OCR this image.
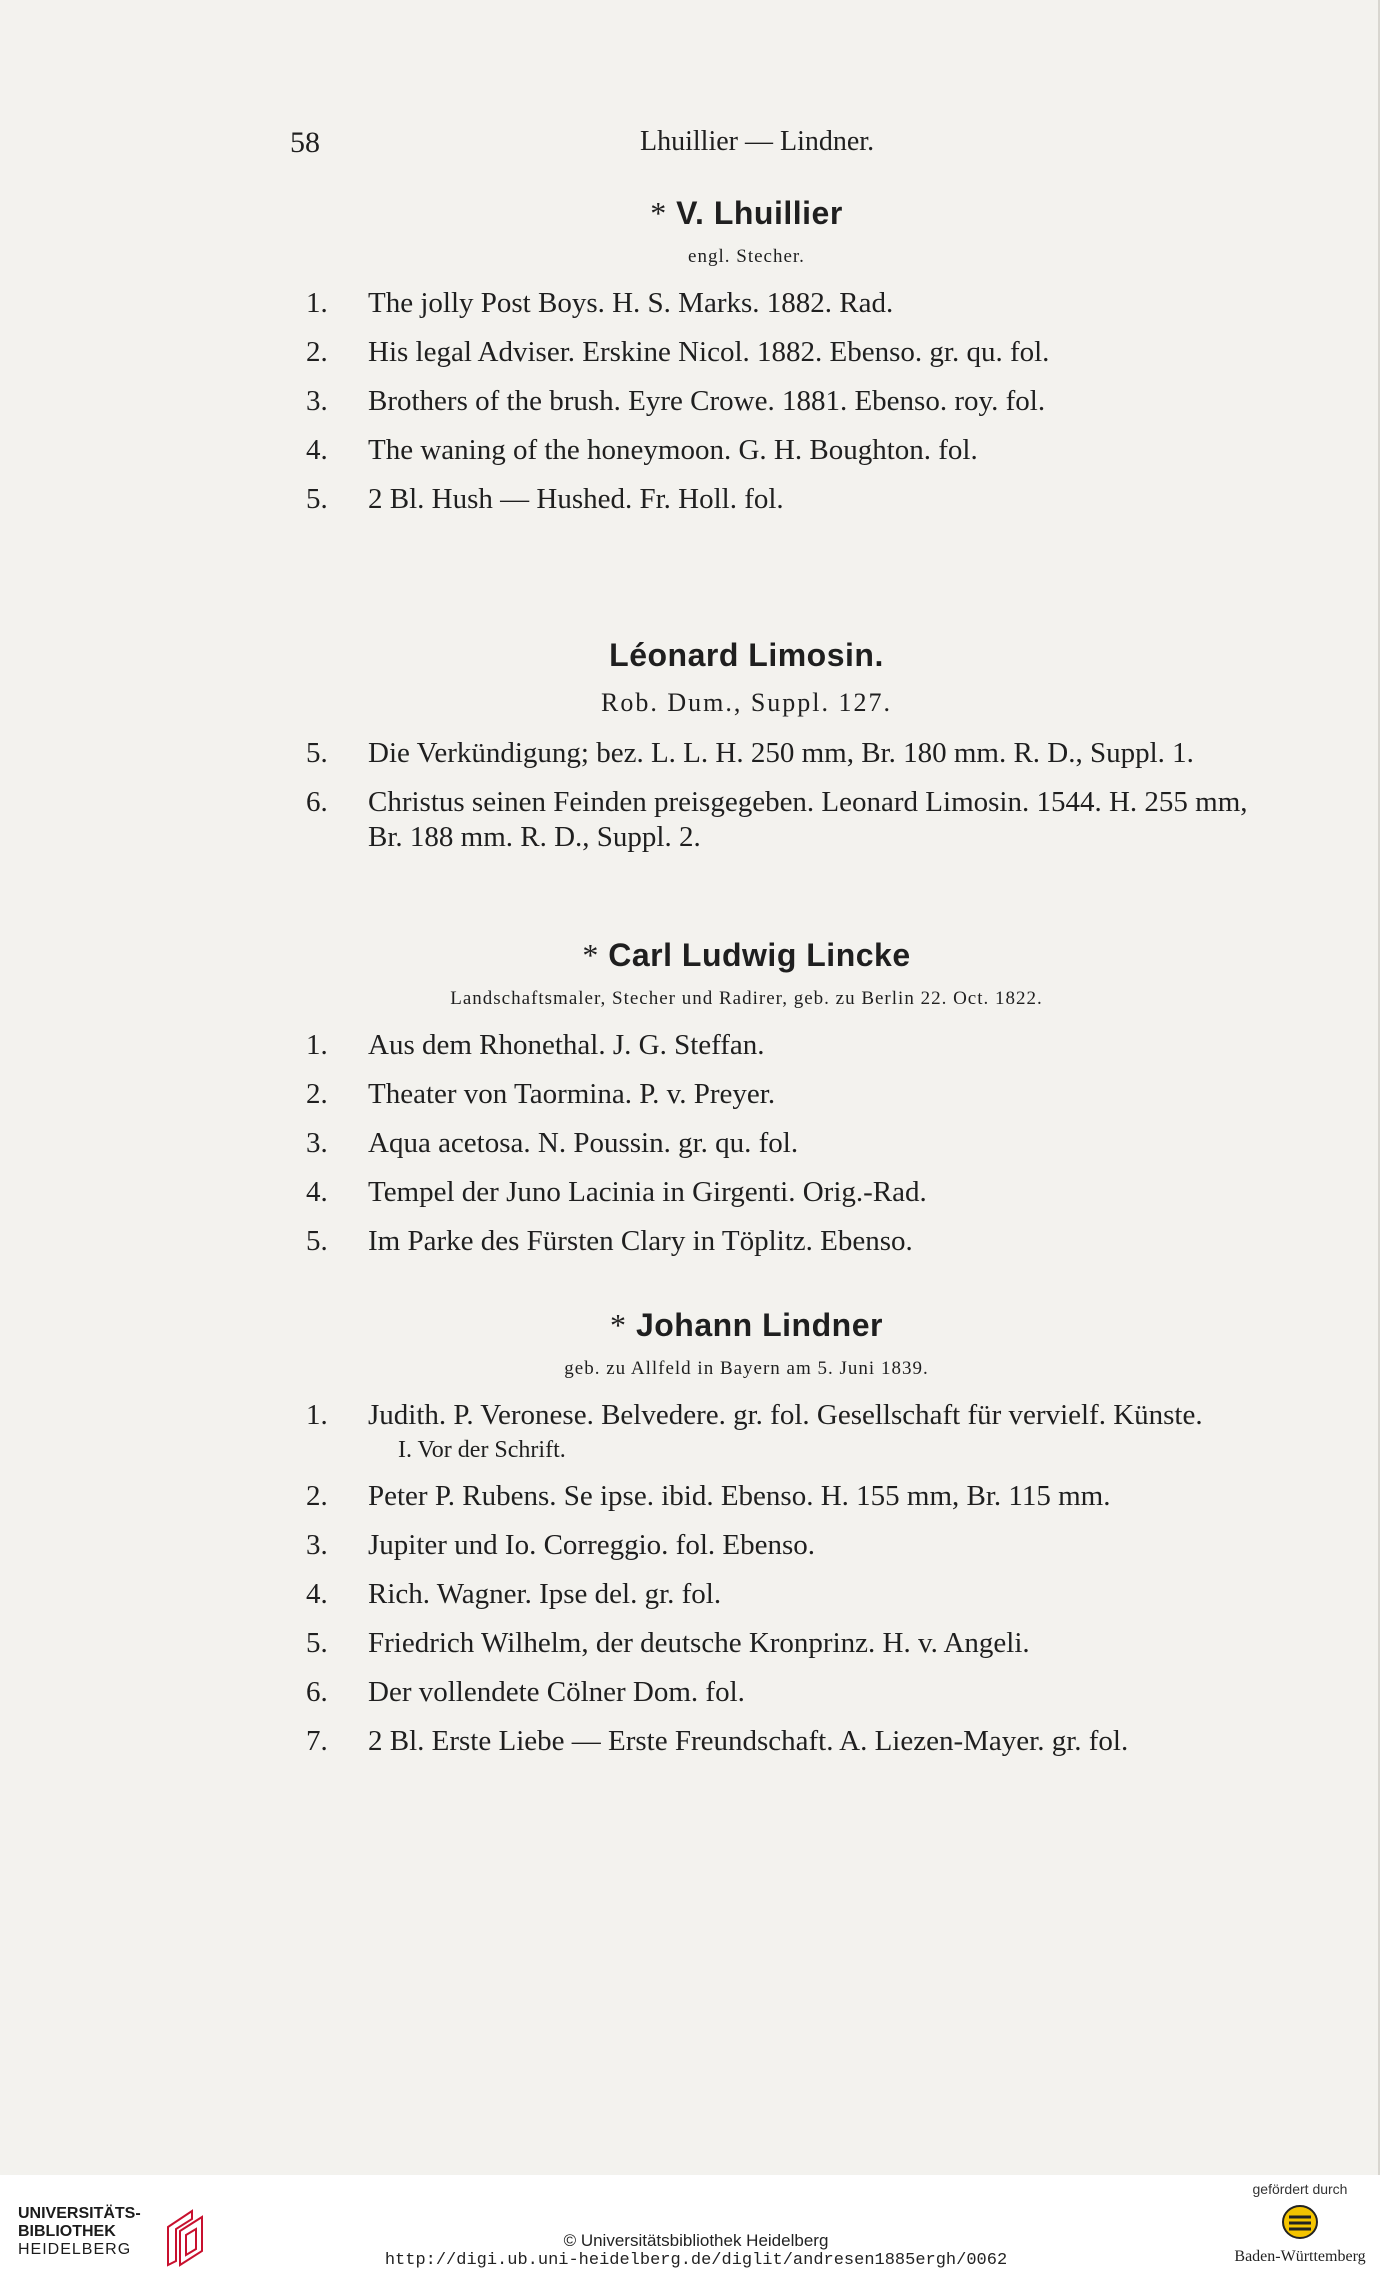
58	Lhuillier — Lindner.
* V. Lhuillier
engl. Stecher.
1. The jolly Post Boys. H. S. Marks. 1882. Rad.
2. His legal Adviser. Erskine Nicol. 1882. Ebenso. gr. qu. fol.
3. Brothers of the brush. Eyre Crowe. 1881. Ebenso. roy. fol.
4. The waning of the honeymoon. G. H. Boughton. fol.
5. 2 Bl. Hush — Hushed. Fr. Holl. fol.
Léonard Limosin.
Rob. Dum., Suppl. 127.
5. Die Verkündigung; bez. L. L. H. 250 mm, Br. 180 mm. R. D., Suppl. 1.
6. Christus seinen Feinden preisgegeben. Leonard Limosin. 1544. H. 255 mm, Br. 188 mm. R. D., Suppl. 2.
* Carl Ludwig Lincke
Landschaftsmaler, Stecher und Radirer, geb. zu Berlin 22. Oct. 1822.
1. Aus dem Rhonethal. J. G. Steffan.
2. Theater von Taormina. P. v. Preyer.
3. Aqua acetosa. N. Poussin. gr. qu. fol.
4. Tempel der Juno Lacinia in Girgenti. Orig.-Rad.
5. Im Parke des Fürsten Clary in Töplitz. Ebenso.
* Johann Lindner
geb. zu Allfeld in Bayern am 5. Juni 1839.
1. Judith. P. Veronese. Belvedere. gr. fol. Gesellschaft für vervielf. Künste.
I. Vor der Schrift.
2. Peter P. Rubens. Se ipse. ibid. Ebenso. H. 155 mm, Br. 115 mm.
3. Jupiter und Io. Correggio. fol. Ebenso.
4. Rich. Wagner. Ipse del. gr. fol.
5. Friedrich Wilhelm, der deutsche Kronprinz. H. v. Angeli.
6. Der vollendete Cölner Dom. fol.
7. 2 Bl. Erste Liebe — Erste Freundschaft. A. Liezen-Mayer. gr. fol.
UNIVERSITÄTS-
BIBLIOTHEK
HEIDELBERG	© Universitätsbibliothek Heidelberg
http://digi.ub.uni-heidelberg.de/diglit/andresen1885ergh/0062
gefördert durch
Baden-Württemberg
